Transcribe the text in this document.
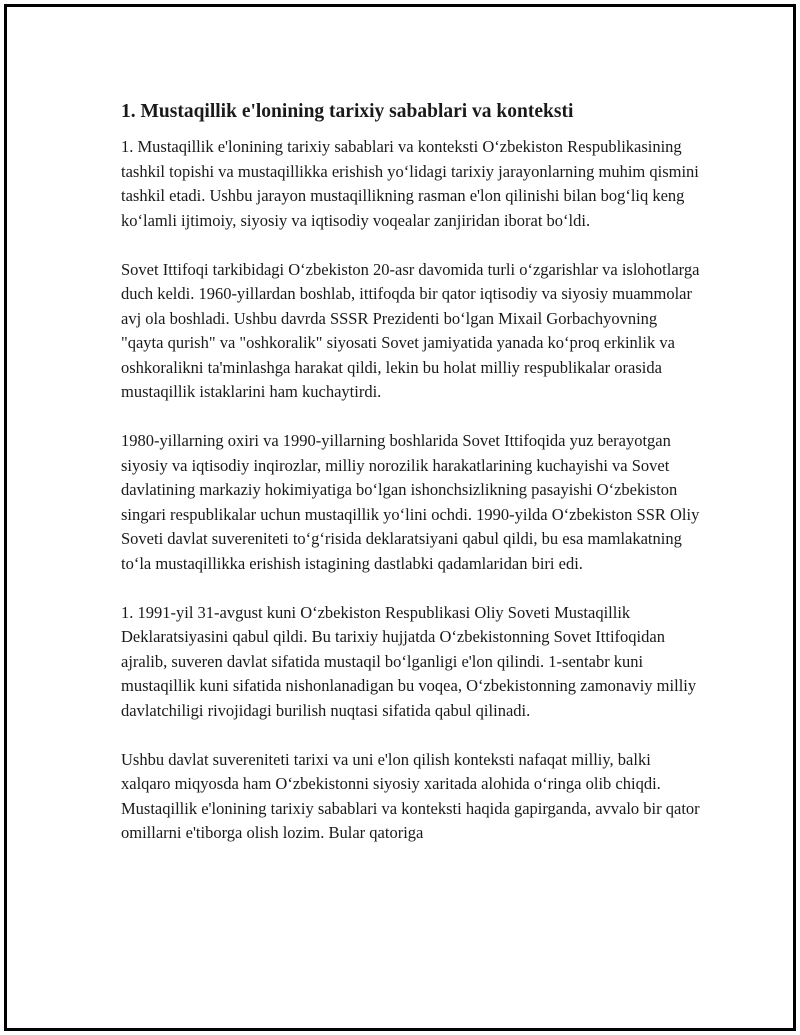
1. Mustaqillik e'lonining tarixiy sabablari va konteksti

1. Mustaqillik e'lonining tarixiy sabablari va konteksti O‘zbekiston Respublikasining tashkil topishi va mustaqillikka erishish yo‘lidagi tarixiy jarayonlarning muhim qismini tashkil etadi. Ushbu jarayon mustaqillikning rasman e'lon qilinishi bilan bog‘liq keng ko‘lamli ijtimoiy, siyosiy va iqtisodiy voqealar zanjiridan iborat bo‘ldi.

Sovet Ittifoqi tarkibidagi O‘zbekiston 20-asr davomida turli o‘zgarishlar va islohotlarga duch keldi. 1960-yillardan boshlab, ittifoqda bir qator iqtisodiy va siyosiy muammolar avj ola boshladi. Ushbu davrda SSSR Prezidenti bo‘lgan Mixail Gorbachyovning "qayta qurish" va "oshkoralik" siyosati Sovet jamiyatida yanada ko‘proq erkinlik va oshkoralikni ta'minlashga harakat qildi, lekin bu holat milliy respublikalar orasida mustaqillik istaklarini ham kuchaytirdi.

1980-yillarning oxiri va 1990-yillarning boshlarida Sovet Ittifoqida yuz berayotgan siyosiy va iqtisodiy inqirozlar, milliy norozilik harakatlarining kuchayishi va Sovet davlatining markaziy hokimiyatiga bo‘lgan ishonchsizlikning pasayishi O‘zbekiston singari respublikalar uchun mustaqillik yo‘lini ochdi. 1990-yilda O‘zbekiston SSR Oliy Soveti davlat suvereniteti to‘g‘risida deklaratsiyani qabul qildi, bu esa mamlakatning to‘la mustaqillikka erishish istagining dastlabki qadamlaridan biri edi.

1. 1991-yil 31-avgust kuni O‘zbekiston Respublikasi Oliy Soveti Mustaqillik Deklaratsiyasini qabul qildi. Bu tarixiy hujjatda O‘zbekistonning Sovet Ittifoqidan ajralib, suveren davlat sifatida mustaqil bo‘lganligi e'lon qilindi. 1-sentabr kuni mustaqillik kuni sifatida nishonlanadigan bu voqea, O‘zbekistonning zamonaviy milliy davlatchiligi rivojidagi burilish nuqtasi sifatida qabul qilinadi.

Ushbu davlat suvereniteti tarixi va uni e'lon qilish konteksti nafaqat milliy, balki xalqaro miqyosda ham O‘zbekistonni siyosiy xaritada alohida o‘ringa olib chiqdi. Mustaqillik e'lonining tarixiy sabablari va konteksti haqida gapirganda, avvalo bir qator omillarni e'tiborga olish lozim. Bular qatoriga
